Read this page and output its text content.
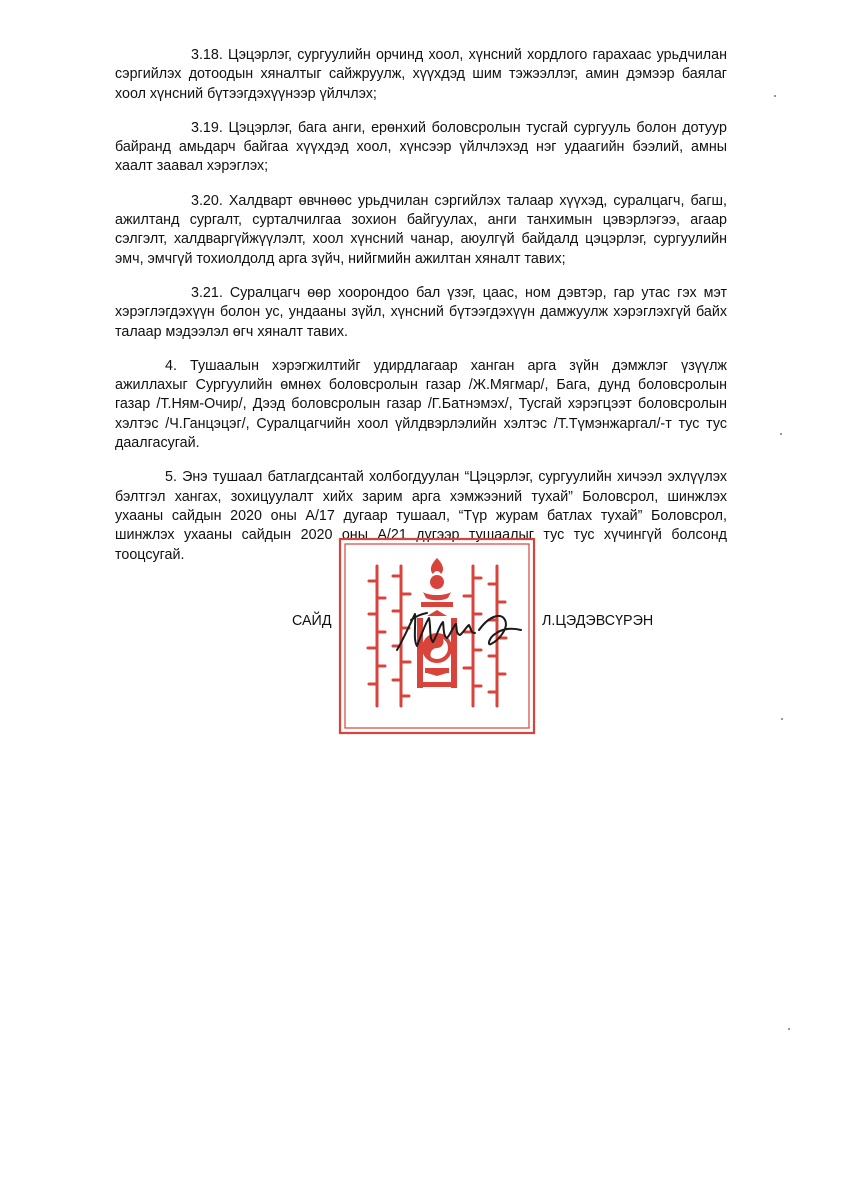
3.18. Цэцэрлэг, сургуулийн орчинд хоол, хүнсний хордлого гарахаас урьдчилан сэргийлэх дотоодын хяналтыг сайжруулж, хүүхдэд шим тэжээллэг, амин дэмээр баялаг хоол хүнсний бүтээгдэхүүнээр үйлчлэх;

3.19. Цэцэрлэг, бага анги, ерөнхий боловсролын тусгай сургууль болон дотуур байранд амьдарч байгаа хүүхдэд хоол, хүнсээр үйлчлэхэд нэг удаагийн бээлий, амны хаалт заавал хэрэглэх;

3.20. Халдварт өвчнөөс урьдчилан сэргийлэх талаар хүүхэд, суралцагч, багш, ажилтанд сургалт, сурталчилгаа зохион байгуулах, анги танхимын цэвэрлэгээ, агаар сэлгэлт, халдваргүйжүүлэлт, хоол хүнсний чанар, аюулгүй байдалд цэцэрлэг, сургуулийн эмч, эмчгүй тохиолдолд арга зүйч, нийгмийн ажилтан хяналт тавих;

3.21. Суралцагч өөр хоорондоо бал үзэг, цаас, ном дэвтэр, гар утас гэх мэт хэрэглэгдэхүүн болон ус, ундааны зүйл, хүнсний бүтээгдэхүүн дамжуулж хэрэглэхгүй байх талаар мэдээлэл өгч хяналт тавих.

4. Тушаалын хэрэгжилтийг удирдлагаар ханган арга зүйн дэмжлэг үзүүлж ажиллахыг Сургуулийн өмнөх боловсролын газар /Ж.Мягмар/, Бага, дунд боловсролын газар /Т.Ням-Очир/, Дээд боловсролын газар /Г.Батнэмэх/, Тусгай хэрэгцээт боловсролын хэлтэс /Ч.Ганцэцэг/, Суралцагчийн хоол үйлдвэрлэлийн хэлтэс /Т.Түмэнжаргал/-т тус тус даалгасугай.

5. Энэ тушаал батлагдсантай холбогдуулан “Цэцэрлэг, сургуулийн хичээл эхлүүлэх бэлтгэл хангах, зохицуулалт хийх зарим арга хэмжээний тухай” Боловсрол, шинжлэх ухааны сайдын 2020 оны А/17 дугаар тушаал, “Түр журам батлах тухай” Боловсрол, шинжлэх ухааны сайдын 2020 оны А/21 дүгээр тушаалыг тус тус хүчингүй болсонд тооцсугай.

САЙД	Л.ЦЭДЭВСҮРЭН
